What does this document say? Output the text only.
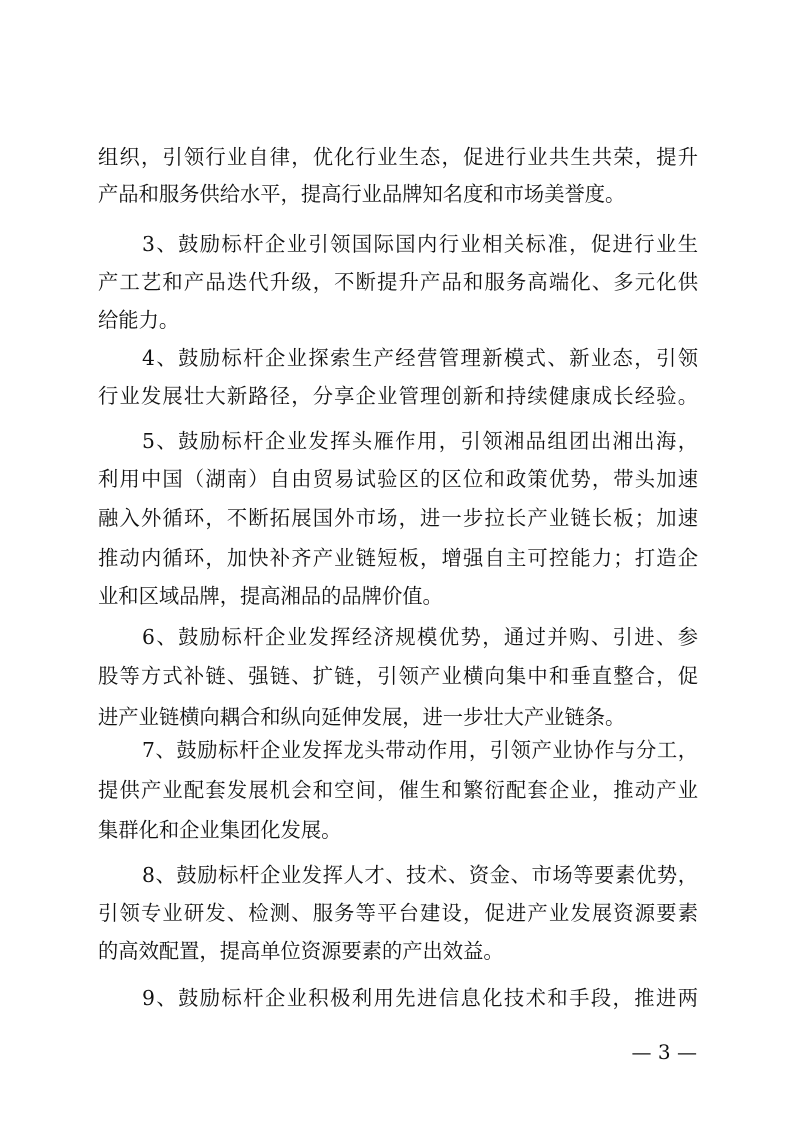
组织，引领行业自律，优化行业生态，促进行业共生共荣，提升
产品和服务供给水平，提高行业品牌知名度和市场美誉度。
3、鼓励标杆企业引领国际国内行业相关标准，促进行业生
产工艺和产品迭代升级，不断提升产品和服务高端化、多元化供
给能力。
4、鼓励标杆企业探索生产经营管理新模式、新业态，引领
行业发展壮大新路径，分享企业管理创新和持续健康成长经验。
5、鼓励标杆企业发挥头雁作用，引领湘品组团出湘出海，
利用中国（湖南）自由贸易试验区的区位和政策优势，带头加速
融入外循环，不断拓展国外市场，进一步拉长产业链长板；加速
推动内循环，加快补齐产业链短板，增强自主可控能力；打造企
业和区域品牌，提高湘品的品牌价值。
6、鼓励标杆企业发挥经济规模优势，通过并购、引进、参
股等方式补链、强链、扩链，引领产业横向集中和垂直整合，促
进产业链横向耦合和纵向延伸发展，进一步壮大产业链条。
7、鼓励标杆企业发挥龙头带动作用，引领产业协作与分工，
提供产业配套发展机会和空间，催生和繁衍配套企业，推动产业
集群化和企业集团化发展。
8、鼓励标杆企业发挥人才、技术、资金、市场等要素优势，
引领专业研发、检测、服务等平台建设，促进产业发展资源要素
的高效配置，提高单位资源要素的产出效益。
9、鼓励标杆企业积极利用先进信息化技术和手段，推进两
— 3 —
